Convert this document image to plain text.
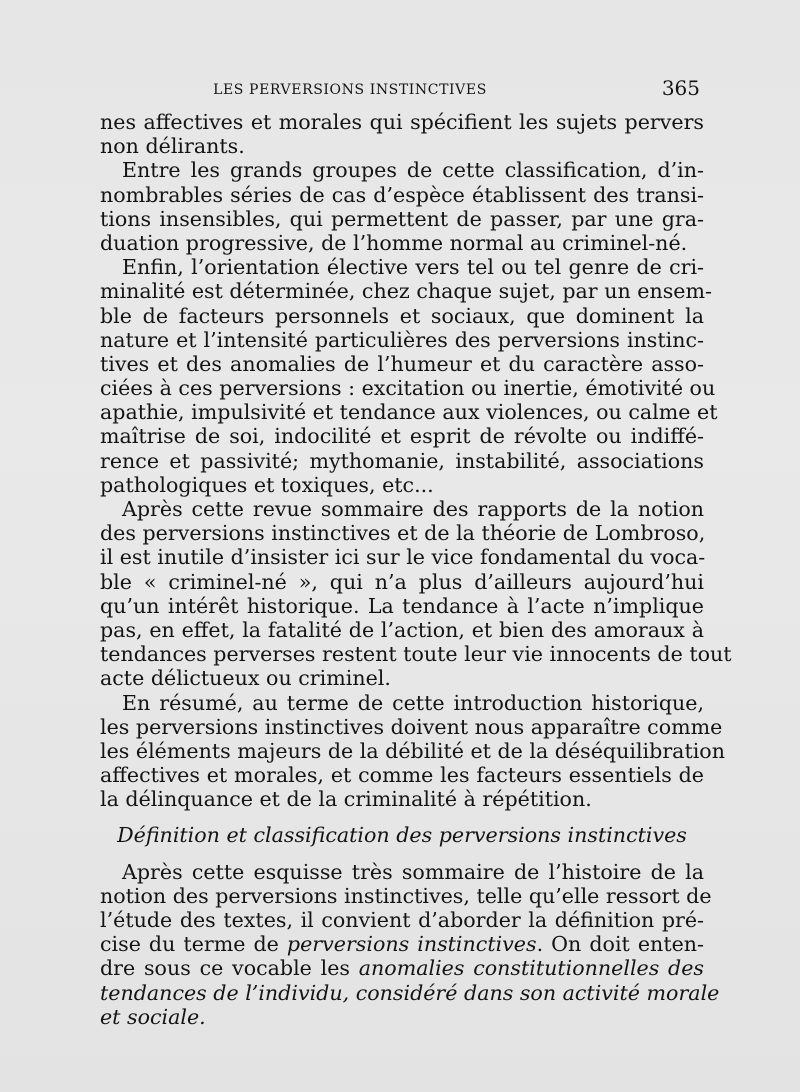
LES PERVERSIONS INSTINCTIVES	365
nes affectives et morales qui spécifient les sujets pervers
non délirants.
Entre les grands groupes de cette classification, d’in-
nombrables séries de cas d’espèce établissent des transi-
tions insensibles, qui permettent de passer, par une gra-
duation progressive, de l’homme normal au criminel-né.
Enfin, l’orientation élective vers tel ou tel genre de cri-
minalité est déterminée, chez chaque sujet, par un ensem-
ble de facteurs personnels et sociaux, que dominent la
nature et l’intensité particulières des perversions instinc-
tives et des anomalies de l’humeur et du caractère asso-
ciées à ces perversions : excitation ou inertie, émotivité ou
apathie, impulsivité et tendance aux violences, ou calme et
maîtrise de soi, indocilité et esprit de révolte ou indiffé-
rence et passivité; mythomanie, instabilité, associations
pathologiques et toxiques, etc...
Après cette revue sommaire des rapports de la notion
des perversions instinctives et de la théorie de Lombroso,
il est inutile d’insister ici sur le vice fondamental du voca-
ble « criminel-né », qui n’a plus d’ailleurs aujourd’hui
qu’un intérêt historique. La tendance à l’acte n’implique
pas, en effet, la fatalité de l’action, et bien des amoraux à
tendances perverses restent toute leur vie innocents de tout
acte délictueux ou criminel.
En résumé, au terme de cette introduction historique,
les perversions instinctives doivent nous apparaître comme
les éléments majeurs de la débilité et de la déséquilibration
affectives et morales, et comme les facteurs essentiels de
la délinquance et de la criminalité à répétition.
Définition et classification des perversions instinctives
Après cette esquisse très sommaire de l’histoire de la
notion des perversions instinctives, telle qu’elle ressort de
l’étude des textes, il convient d’aborder la définition pré-
cise du terme de perversions instinctives. On doit enten-
dre sous ce vocable les anomalies constitutionnelles des
tendances de l’individu, considéré dans son activité morale
et sociale.
